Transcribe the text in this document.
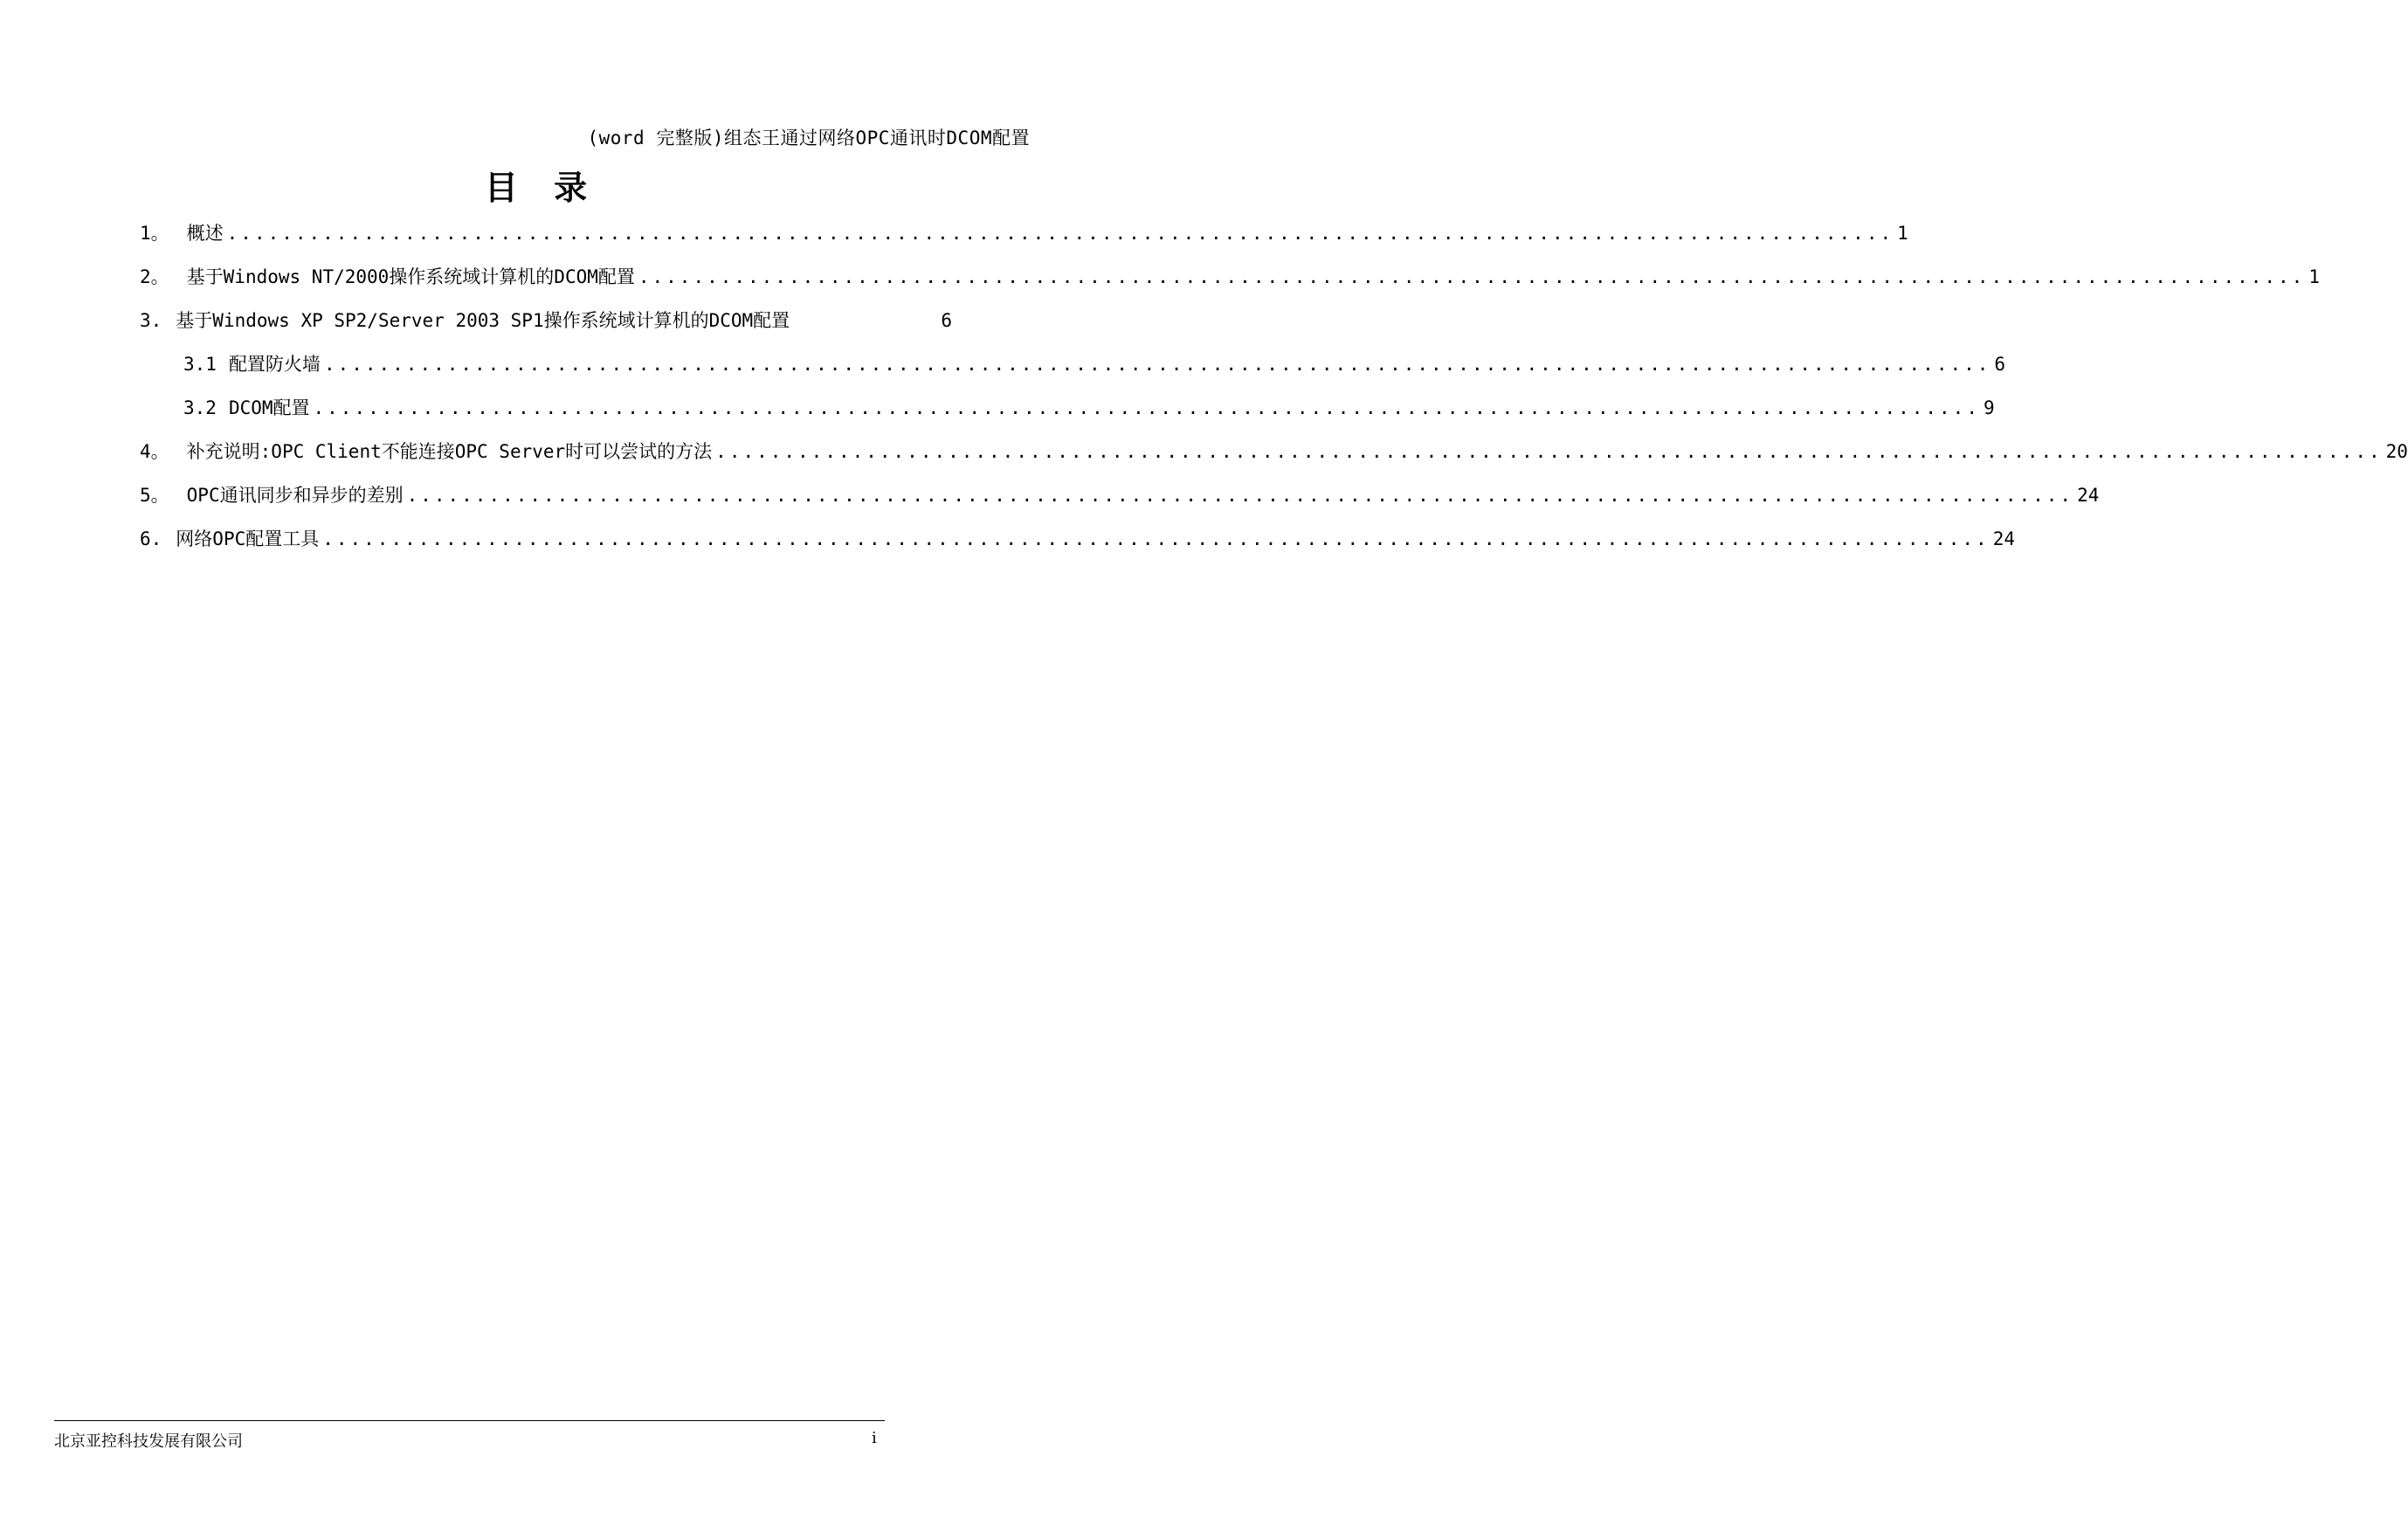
(word 完整版)组态王通过网络OPC通讯时DCOM配置
目 录
1。 概述 .......................................................................................................................... 1
2。 基于Windows NT/2000操作系统域计算机的DCOM配置 .......................................................................................................................... 1
3. 基于Windows XP SP2/Server 2003 SP1操作系统域计算机的DCOM配置	6
3.1 配置防火墙 .......................................................................................................................... 6
3.2 DCOM配置 .......................................................................................................................... 9
4。 补充说明:OPC Client不能连接OPC Server时可以尝试的方法 .......................................................................................................................... 20
5。 OPC通讯同步和异步的差别 .......................................................................................................................... 24
6. 网络OPC配置工具 .......................................................................................................................... 24
北京亚控科技发展有限公司	i
